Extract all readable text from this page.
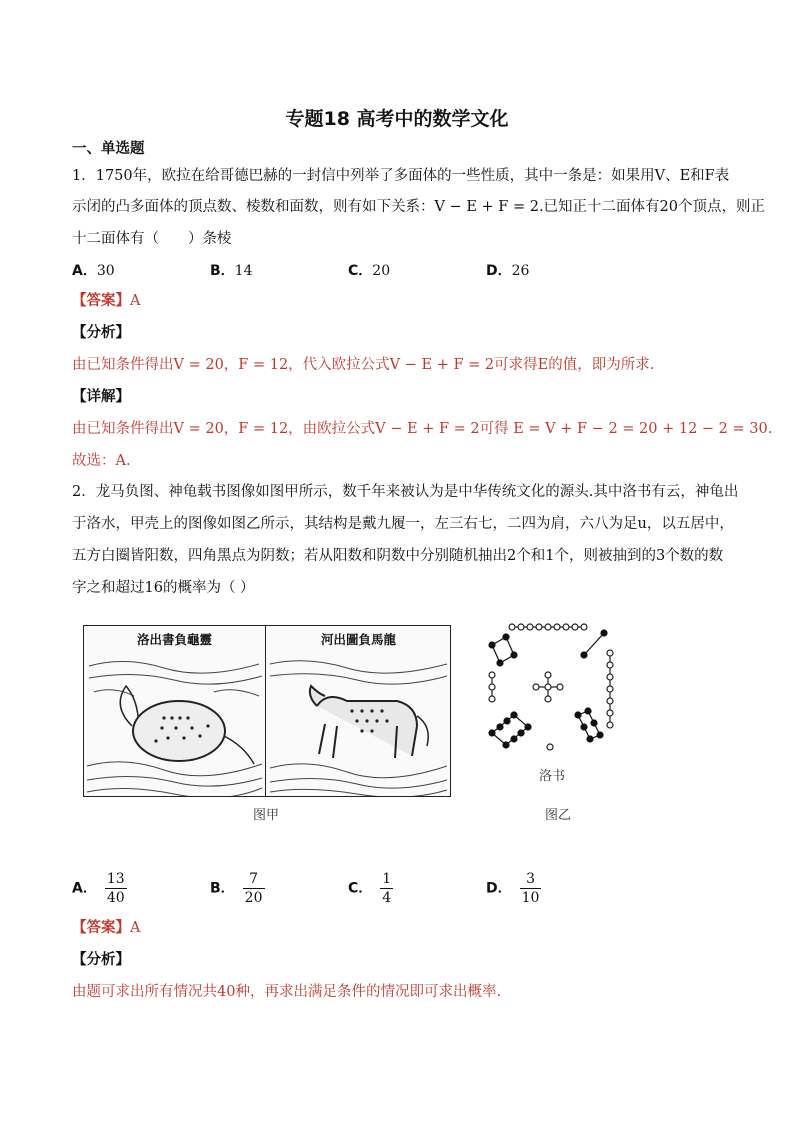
专题18 高考中的数学文化
一、单选题
1．1750年，欧拉在给哥德巴赫的一封信中列举了多面体的一些性质，其中一条是：如果用V、E和F表
示闭的凸多面体的顶点数、棱数和面数，则有如下关系：V − E + F = 2.已知正十二面体有20个顶点，则正
十二面体有（　　）条棱
A．30	B．14	C．20	D．26
【答案】A
【分析】
由已知条件得出V = 20，F = 12，代入欧拉公式V − E + F = 2可求得E的值，即为所求.
【详解】
由已知条件得出V = 20，F = 12，由欧拉公式V − E + F = 2可得 E = V + F − 2 = 20 + 12 − 2 = 30.
故选：A.
2．龙马负图、神龟载书图像如图甲所示，数千年来被认为是中华传统文化的源头.其中洛书有云，神龟出
于洛水，甲壳上的图像如图乙所示，其结构是戴九履一，左三右七，二四为肩，六八为足u，以五居中，
五方白圈皆阳数，四角黑点为阴数；若从阳数和阴数中分别随机抽出2个和1个，则被抽到的3个数的数
字之和超过16的概率为（ ）
洛出書負龜靈	河出圖負馬龍
洛书
图甲	图乙
A． $\frac{13}{40}$	B． $\frac{7}{20}$	C． $\frac{1}{4}$	D． $\frac{3}{10}$
【答案】A
【分析】
由题可求出所有情况共40种，再求出满足条件的情况即可求出概率.
